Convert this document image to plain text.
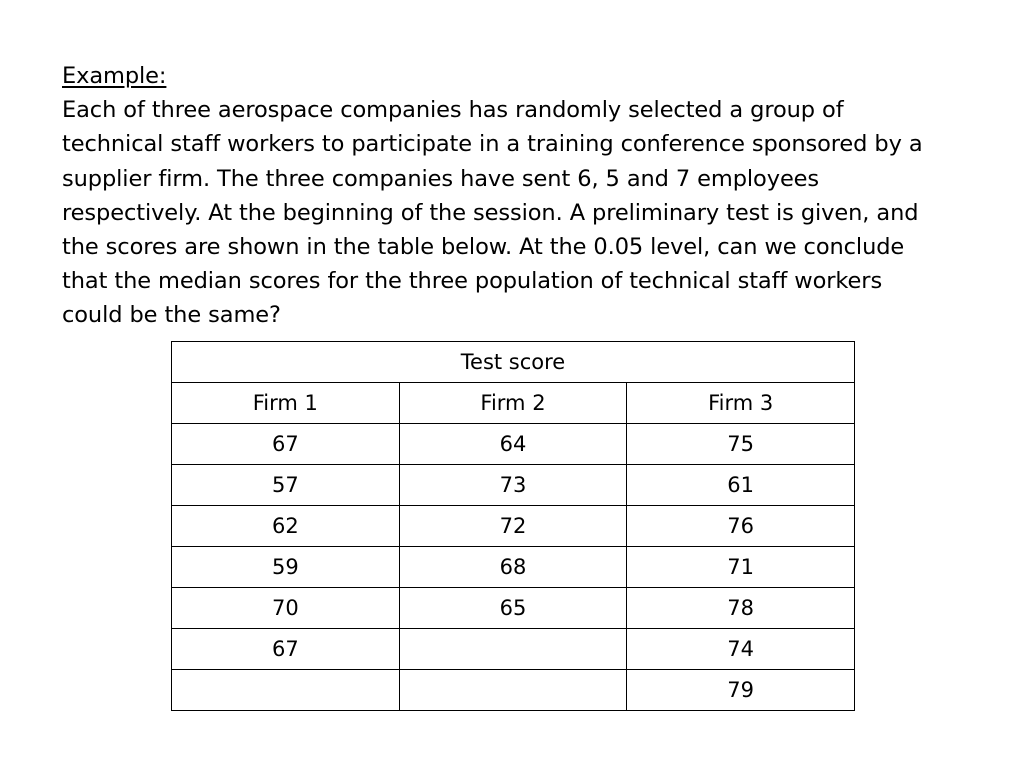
Example:
Each of three aerospace companies has randomly selected a group of
technical staff workers to participate in a training conference sponsored by a
supplier firm. The three companies have sent 6, 5 and 7 employees
respectively. At the beginning of the session. A preliminary test is given, and
the scores are shown in the table below. At the 0.05 level, can we conclude
that the median scores for the three population of technical staff workers
could be the same?
Test score		
Firm 1	Firm 2	Firm 3
67	64	75
57	73	61
62	72	76
59	68	71
70	65	78
67		74
		79
